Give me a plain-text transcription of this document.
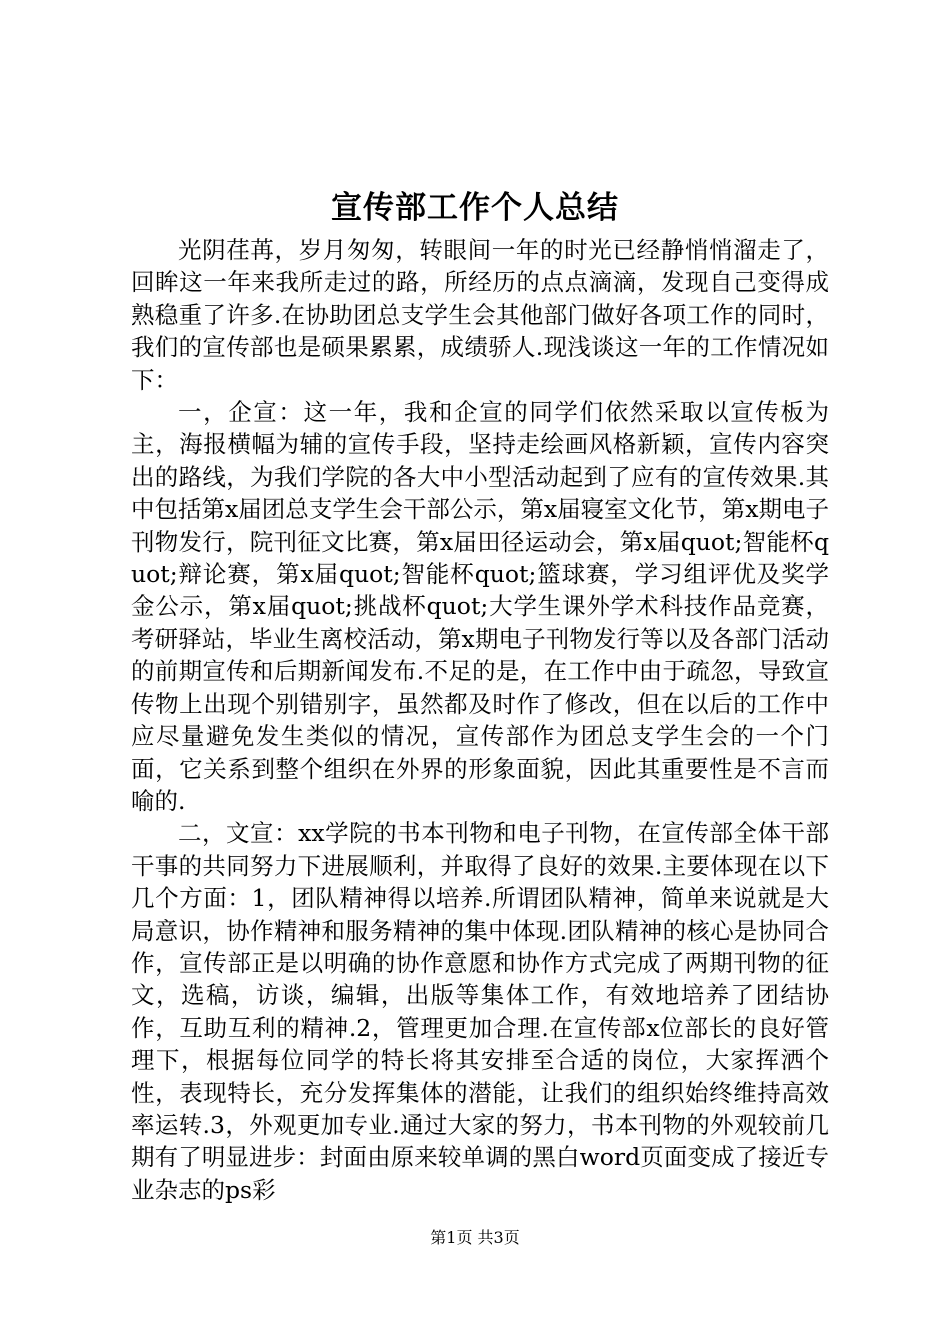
宣传部工作个人总结

光阴荏苒，岁月匆匆，转眼间一年的时光已经静悄悄溜走了，回眸这一年来我所走过的路，所经历的点点滴滴，发现自己变得成熟稳重了许多.在协助团总支学生会其他部门做好各项工作的同时，我们的宣传部也是硕果累累，成绩骄人.现浅谈这一年的工作情况如下：

一，企宣：这一年，我和企宣的同学们依然采取以宣传板为主，海报横幅为辅的宣传手段，坚持走绘画风格新颖，宣传内容突出的路线，为我们学院的各大中小型活动起到了应有的宣传效果.其中包括第x届团总支学生会干部公示，第x届寝室文化节，第x期电子刊物发行，院刊征文比赛，第x届田径运动会，第x届quot;智能杯quot;辩论赛，第x届quot;智能杯quot;篮球赛，学习组评优及奖学金公示，第x届quot;挑战杯quot;大学生课外学术科技作品竞赛，考研驿站，毕业生离校活动，第x期电子刊物发行等以及各部门活动的前期宣传和后期新闻发布.不足的是，在工作中由于疏忽，导致宣传物上出现个别错别字，虽然都及时作了修改，但在以后的工作中应尽量避免发生类似的情况，宣传部作为团总支学生会的一个门面，它关系到整个组织在外界的形象面貌，因此其重要性是不言而喻的.

二，文宣：xx学院的书本刊物和电子刊物，在宣传部全体干部干事的共同努力下进展顺利，并取得了良好的效果.主要体现在以下几个方面：1，团队精神得以培养.所谓团队精神，简单来说就是大局意识，协作精神和服务精神的集中体现.团队精神的核心是协同合作，宣传部正是以明确的协作意愿和协作方式完成了两期刊物的征文，选稿，访谈，编辑，出版等集体工作，有效地培养了团结协作，互助互利的精神.2，管理更加合理.在宣传部x位部长的良好管理下，根据每位同学的特长将其安排至合适的岗位，大家挥洒个性，表现特长，充分发挥集体的潜能，让我们的组织始终维持高效率运转.3，外观更加专业.通过大家的努力，书本刊物的外观较前几期有了明显进步：封面由原来较单调的黑白word页面变成了接近专业杂志的ps彩

第1页 共3页
